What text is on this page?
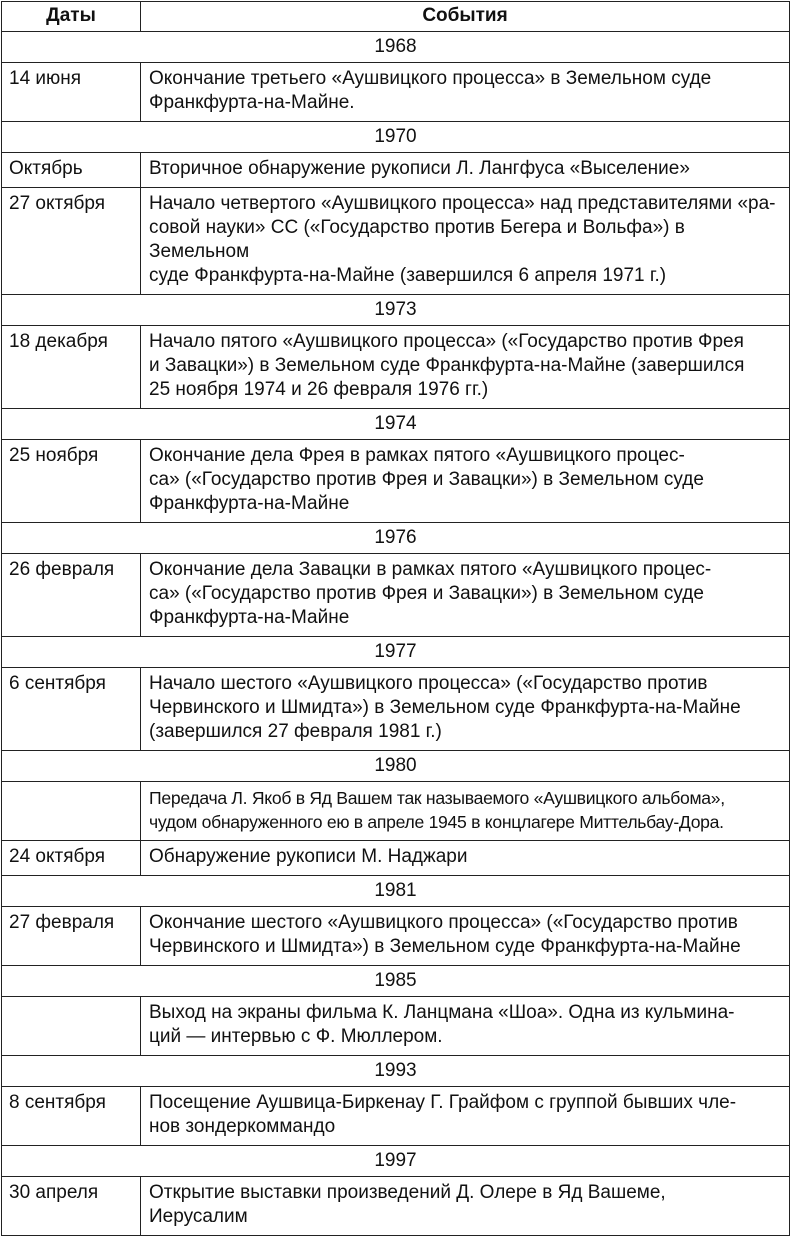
Даты	События
1968	
14 июня	Окончание третьего «Аушвицкого процесса» в Земельном суде
Франкфурта-на-Майне.

1970	
Октябрь	Вторичное обнаружение рукописи Л. Лангфуса «Выселение»

27 октября	Начало четвертого «Аушвицкого процесса» над представителями «ра-
совой науки» СС («Государство против Бегера и Вольфа») в Земельном
суде Франкфурта-на-Майне (завершился 6 апреля 1971 г.)

1973	
18 декабря	Начало пятого «Аушвицкого процесса» («Государство против Фрея
и Завацки») в Земельном суде Франкфурта-на-Майне (завершился
25 ноября 1974 и 26 февраля 1976 гг.)

1974	
25 ноября	Окончание дела Фрея в рамках пятого «Аушвицкого процес-
са» («Государство против Фрея и Завацки») в Земельном суде
Франкфурта-на-Майне

1976	
26 февраля	Окончание дела Завацки в рамках пятого «Аушвицкого процес-
са» («Государство против Фрея и Завацки») в Земельном суде
Франкфурта-на-Майне

1977	
6 сентября	Начало шестого «Аушвицкого процесса» («Государство против
Червинского и Шмидта») в Земельном суде Франкфурта-на-Майне
(завершился 27 февраля 1981 г.)

1980	

	Передача Л. Якоб в Яд Вашем так называемого «Аушвицкого альбома»,
чудом обнаруженного ею в апреле 1945 в концлагере Миттельбау-Дора.

24 октября	Обнаружение рукописи М. Наджари

1981	
27 февраля	Окончание шестого «Аушвицкого процесса» («Государство против
Червинского и Шмидта») в Земельном суде Франкфурта-на-Майне

1985	

	Выход на экраны фильма К. Ланцмана «Шоа». Одна из кульмина-
ций — интервью с Ф. Мюллером.

1993	
8 сентября	Посещение Аушвица-Биркенау Г. Грайфом с группой бывших чле-
нов зондеркоммандо

1997	
30 апреля	Открытие выставки произведений Д. Олере в Яд Вашеме,
Иерусалим
